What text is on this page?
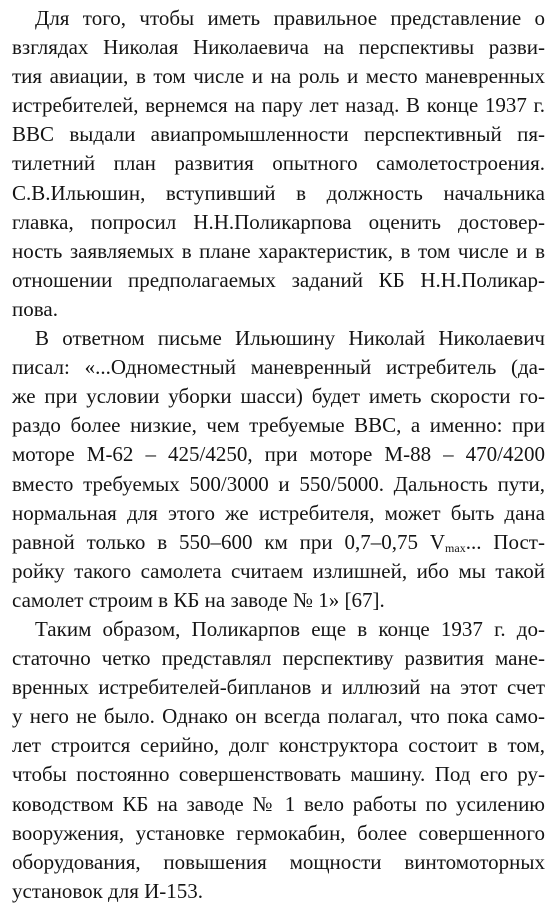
Для того, чтобы иметь правильное представление о
взглядах Николая Николаевича на перспективы разви-
тия авиации, в том числе и на роль и место маневренных
истребителей, вернемся на пару лет назад. В конце 1937 г.
ВВС выдали авиапромышленности перспективный пя-
тилетний план развития опытного самолетостроения.
С.В.Ильюшин, вступивший в должность начальника
главка, попросил Н.Н.Поликарпова оценить достовер-
ность заявляемых в плане характеристик, в том числе и в
отношении предполагаемых заданий КБ Н.Н.Поликар-
пова.
В ответном письме Ильюшину Николай Николаевич
писал: «...Одноместный маневренный истребитель (да-
же при условии уборки шасси) будет иметь скорости го-
раздо более низкие, чем требуемые ВВС, а именно: при
моторе М-62 – 425/4250, при моторе М-88 – 470/4200
вместо требуемых 500/3000 и 550/5000. Дальность пути,
нормальная для этого же истребителя, может быть дана
равной только в 550–600 км при 0,7–0,75 Vmax... Пост-
ройку такого самолета считаем излишней, ибо мы такой
самолет строим в КБ на заводе № 1» [67].
Таким образом, Поликарпов еще в конце 1937 г. до-
статочно четко представлял перспективу развития мане-
вренных истребителей-бипланов и иллюзий на этот счет
у него не было. Однако он всегда полагал, что пока само-
лет строится серийно, долг конструктора состоит в том,
чтобы постоянно совершенствовать машину. Под его ру-
ководством КБ на заводе № 1 вело работы по усилению
вооружения, установке гермокабин, более совершенного
оборудования, повышения мощности винтомоторных
установок для И-153.
